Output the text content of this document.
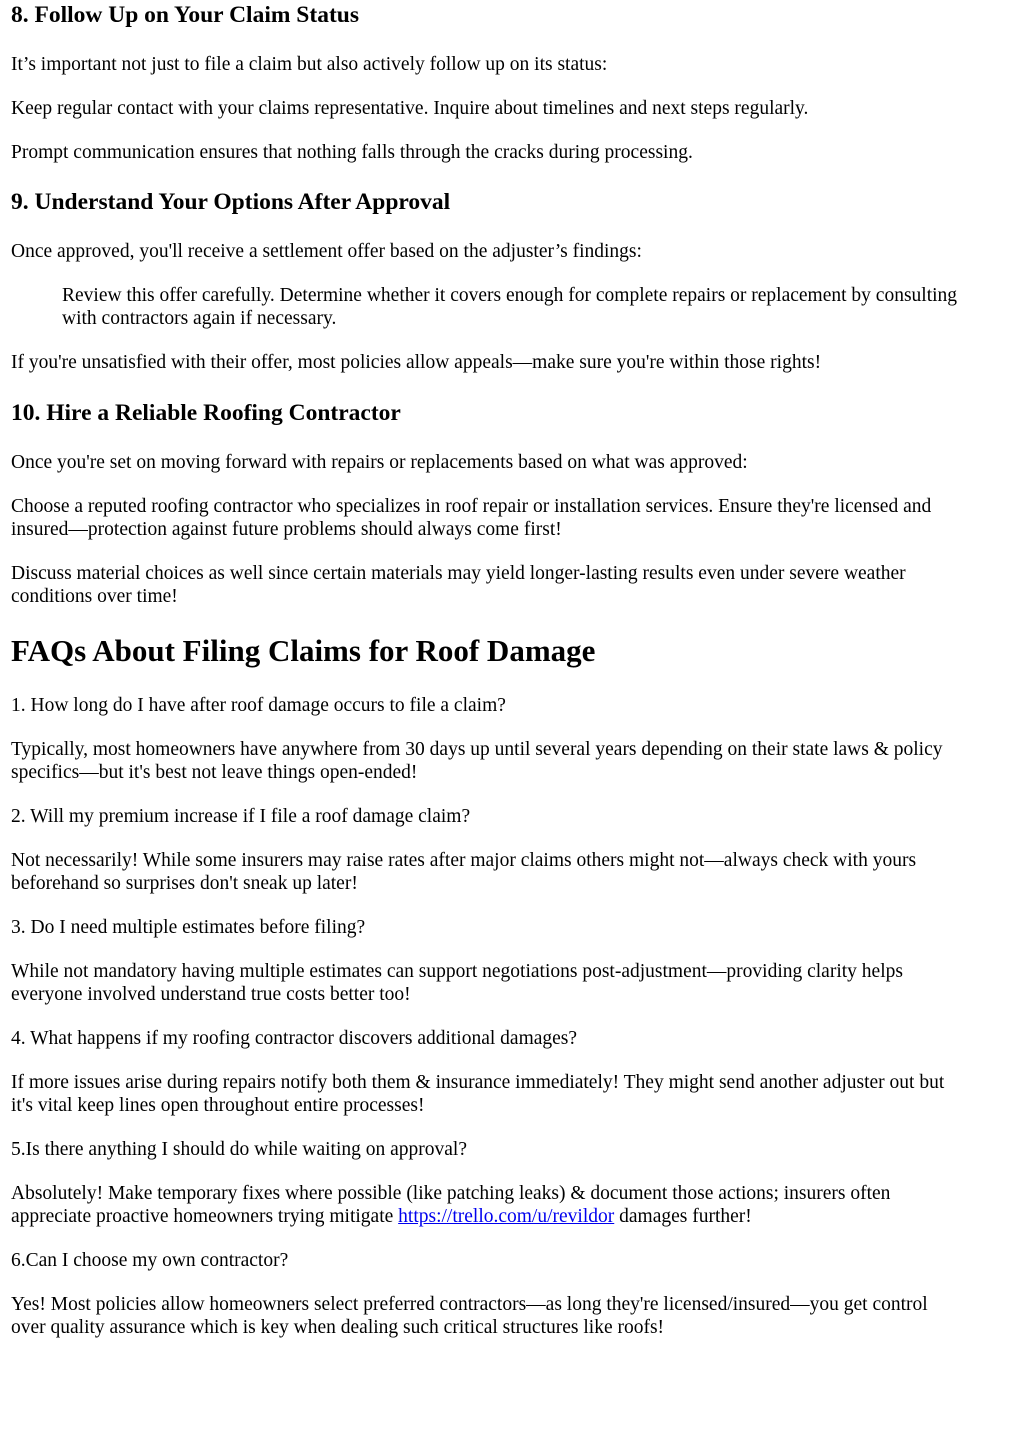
8. Follow Up on Your Claim Status

It’s important not just to file a claim but also actively follow up on its status:

Keep regular contact with your claims representative. Inquire about timelines and next steps regularly.

Prompt communication ensures that nothing falls through the cracks during processing.

9. Understand Your Options After Approval

Once approved, you'll receive a settlement offer based on the adjuster’s findings:

Review this offer carefully. Determine whether it covers enough for complete repairs or replacement by consulting

with contractors again if necessary.

If you're unsatisfied with their offer, most policies allow appeals—make sure you're within those rights!

10. Hire a Reliable Roofing Contractor

Once you're set on moving forward with repairs or replacements based on what was approved:

Choose a reputed roofing contractor who specializes in roof repair or installation services. Ensure they're licensed and

insured—protection against future problems should always come first!

Discuss material choices as well since certain materials may yield longer-lasting results even under severe weather

conditions over time!

FAQs About Filing Claims for Roof Damage

1. How long do I have after roof damage occurs to file a claim?

Typically, most homeowners have anywhere from 30 days up until several years depending on their state laws & policy

specifics—but it's best not leave things open-ended!

2. Will my premium increase if I file a roof damage claim?

Not necessarily! While some insurers may raise rates after major claims others might not—always check with yours

beforehand so surprises don't sneak up later!

3. Do I need multiple estimates before filing?

While not mandatory having multiple estimates can support negotiations post-adjustment—providing clarity helps

everyone involved understand true costs better too!

4. What happens if my roofing contractor discovers additional damages?

If more issues arise during repairs notify both them & insurance immediately! They might send another adjuster out but

it's vital keep lines open throughout entire processes!

5.Is there anything I should do while waiting on approval?

Absolutely! Make temporary fixes where possible (like patching leaks) & document those actions; insurers often

appreciate proactive homeowners trying mitigate https://trello.com/u/revildor damages further!

6.Can I choose my own contractor?

Yes! Most policies allow homeowners select preferred contractors—as long they're licensed/insured—you get control

over quality assurance which is key when dealing such critical structures like roofs!
